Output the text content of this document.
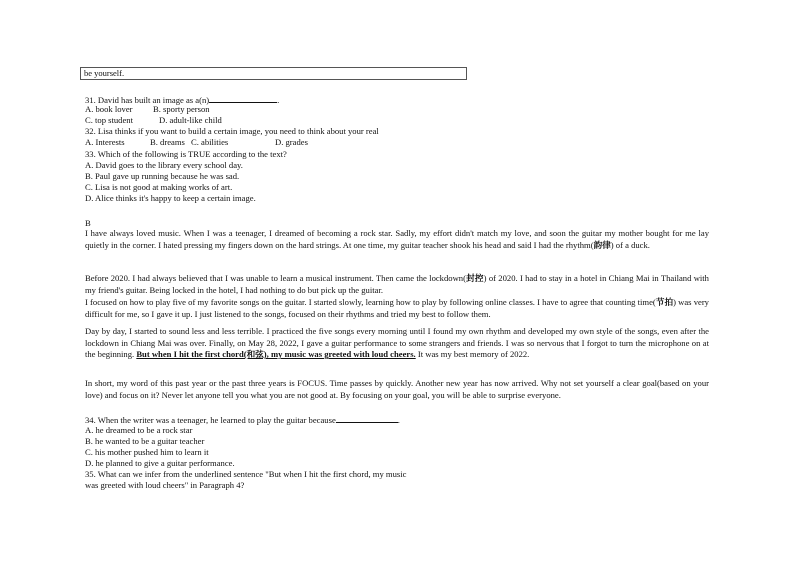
be yourself.
31. David has built an image as a(n)	.
A. book lover B. sporty person
C. top student	D. adult-like child
32. Lisa thinks if you want to build a certain image, you need to think about your real
A. Interests	B. dreams C. abilities	D. grades
33. Which of the following is TRUE according to the text?
A. David goes to the library every school day.
B. Paul gave up running because he was sad.
C. Lisa is not good at making works of art.
D. Alice thinks it's happy to keep a certain image.
B
I have always loved music. When I was a teenager, I dreamed of becoming a rock star. Sadly, my effort didn't match my love, and soon the guitar my mother bought for me lay quietly in the corner. I hated pressing my fingers down on the hard strings. At one time, my guitar teacher shook his head and said I had the rhythm(韵律) of a duck.
Before 2020. I had always believed that I was unable to learn a musical instrument. Then came the lockdown(封控) of 2020. I had to stay in a hotel in Chiang Mai in Thailand with my friend's guitar. Being locked in the hotel, I had nothing to do but pick up the guitar.
I focused on how to play five of my favorite songs on the guitar. I started slowly, learning how to play by following online classes. I have to agree that counting time(节拍) was very difficult for me, so I gave it up. I just listened to the songs, focused on their rhythms and tried my best to follow them.
Day by day, I started to sound less and less terrible. I practiced the five songs every morning until I found my own rhythm and developed my own style of the songs, even after the lockdown in Chiang Mai was over. Finally, on May 28, 2022, I gave a guitar performance to some strangers and friends. I was so nervous that I forgot to turn the microphone on at the beginning. But when I hit the first chord(和弦), my music was greeted with loud cheers. It was my best memory of 2022.
In short, my word of this past year or the past three years is FOCUS. Time passes by quickly. Another new year has now arrived. Why not set yourself a clear goal(based on your love) and focus on it? Never let anyone tell you what you are not good at. By focusing on your goal, you will be able to surprise everyone.
34. When the writer was a teenager, he learned to play the guitar because	.
A. he dreamed to be a rock star
B. he wanted to be a guitar teacher
C. his mother pushed him to learn it
D. he planned to give a guitar performance.
35. What can we infer from the underlined sentence "But when I hit the first chord, my music
was greeted with loud cheers" in Paragraph 4?
